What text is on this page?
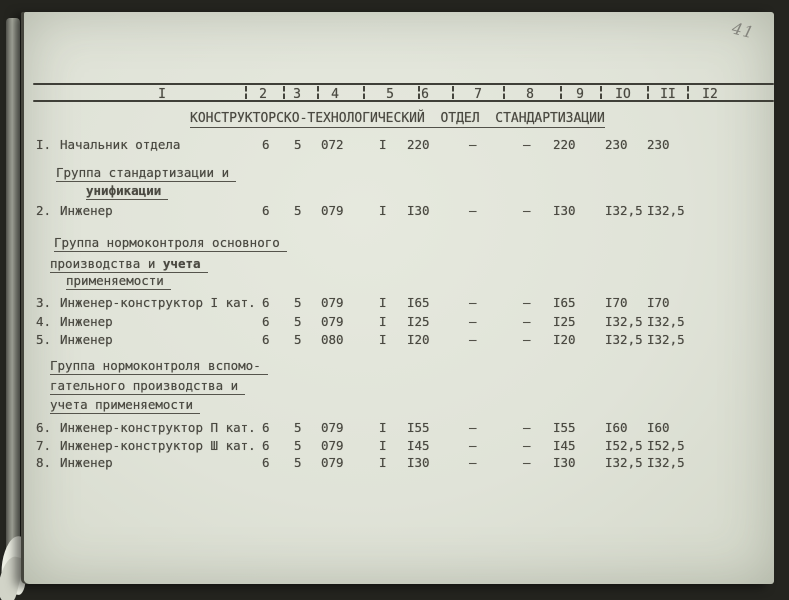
41
I	2 3 4	5 6	7	8	9 IO II I2
КОНСТРУКТОРСКО-ТЕХНОЛОГИЧЕСКИЙ  ОТДЕЛ  СТАНДАРТИЗАЦИИ
I. Начальник отдела	6 5 072	I 220	–	– 220 230 230
Группа стандартизации и
унификации
2. Инженер	6 5 079	I I30	–	– I30 I32,5 I32,5
Группа нормоконтроля основного
производства и учета
применяемости
3. Инженер-конструктор I кат. 6 5 079	I I65	–	– I65 I70 I70
4. Инженер	6 5 079	I I25	–	– I25 I32,5 I32,5
5. Инженер	6 5 080	I I20	–	– I20 I32,5 I32,5
Группа нормоконтроля вспомо-
гательного производства и
учета применяемости
6. Инженер-конструктор П кат. 6 5 079	I I55	–	– I55 I60 I60
7. Инженер-конструктор Ш кат. 6 5 079	I I45	–	– I45 I52,5 I52,5
8. Инженер	6 5 079	I I30	–	– I30 I32,5 I32,5
